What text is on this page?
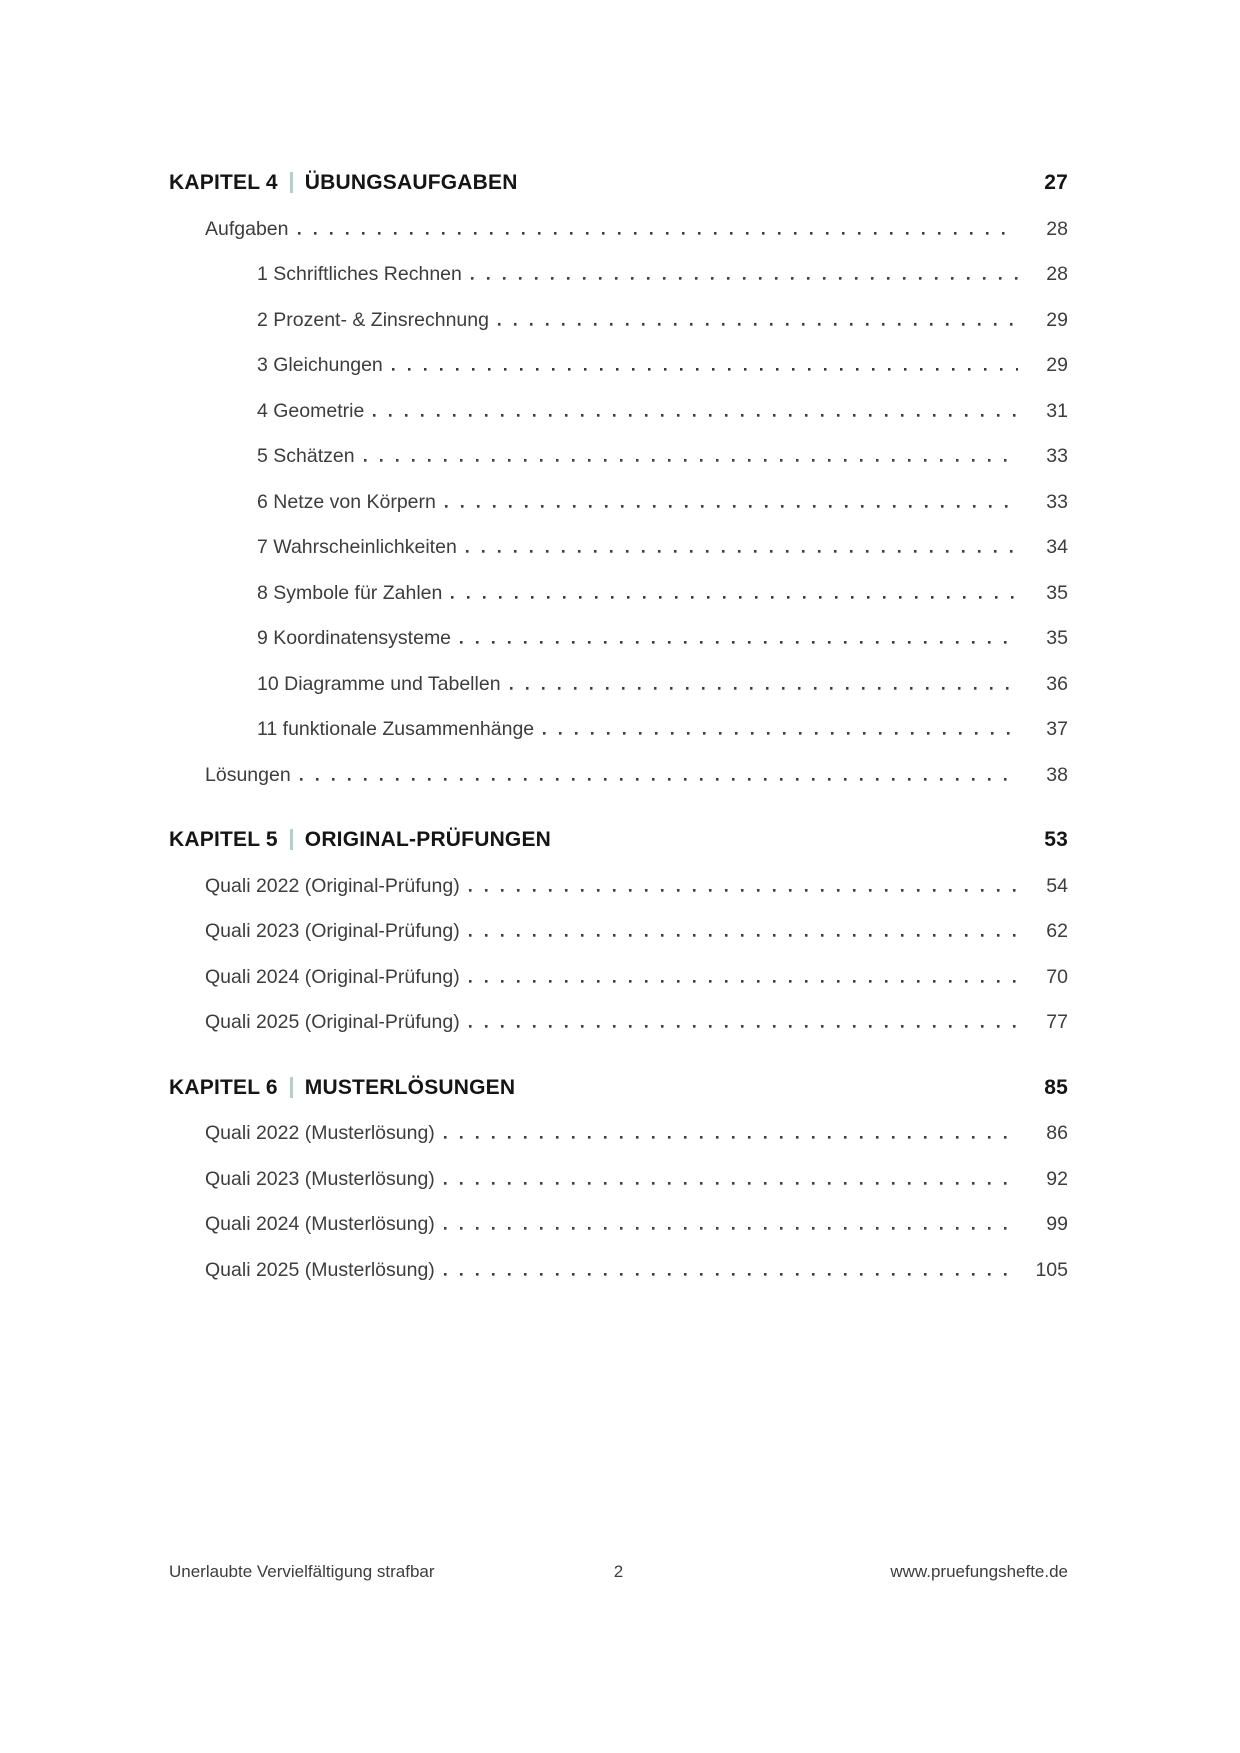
KAPITEL 4 ÜBUNGSAUFGABEN	27
Aufgaben	28
1 Schriftliches Rechnen	28
2 Prozent- & Zinsrechnung	29
3 Gleichungen	29
4 Geometrie	31
5 Schätzen	33
6 Netze von Körpern	33
7 Wahrscheinlichkeiten	34
8 Symbole für Zahlen	35
9 Koordinatensysteme	35
10 Diagramme und Tabellen	36
11 funktionale Zusammenhänge	37
Lösungen	38
KAPITEL 5 ORIGINAL-PRÜFUNGEN	53
Quali 2022 (Original-Prüfung)	54
Quali 2023 (Original-Prüfung)	62
Quali 2024 (Original-Prüfung)	70
Quali 2025 (Original-Prüfung)	77
KAPITEL 6 MUSTERLÖSUNGEN	85
Quali 2022 (Musterlösung)	86
Quali 2023 (Musterlösung)	92
Quali 2024 (Musterlösung)	99
Quali 2025 (Musterlösung)	105
Unerlaubte Vervielfältigung strafbar	2	www.pruefungshefte.de
